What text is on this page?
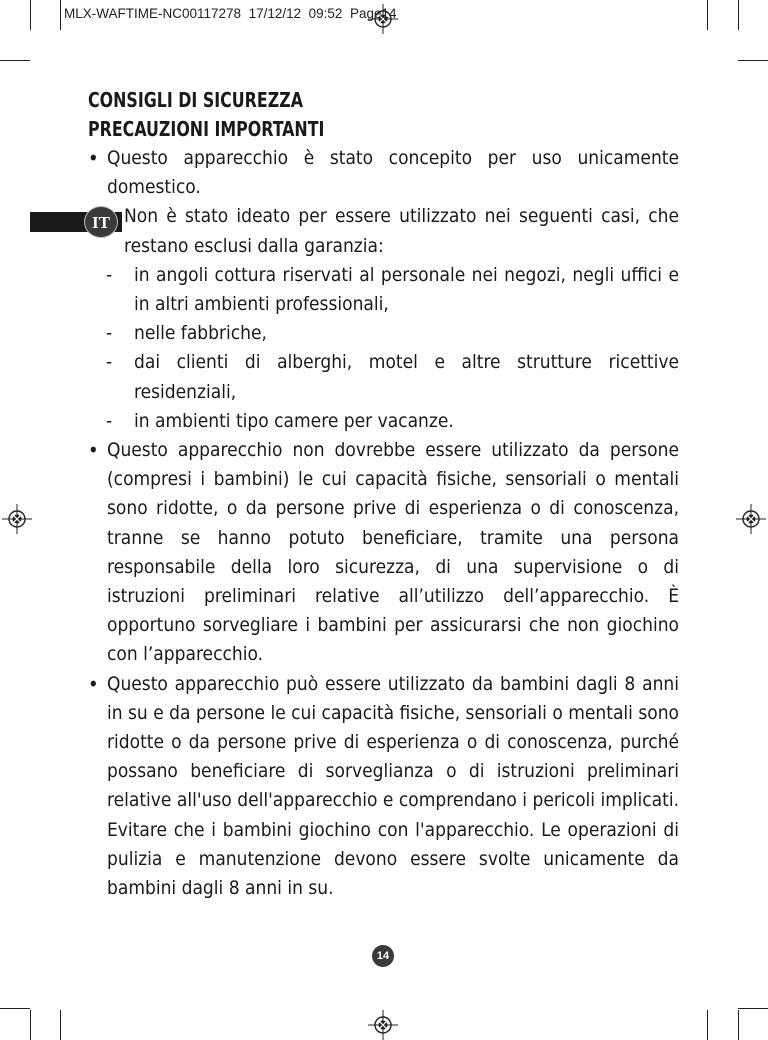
MLX-WAFTIME-NC00117278 17/12/12 09:52 Page14
IT
CONSIGLI DI SICUREZZA
PRECAUZIONI IMPORTANTI
• Questo apparecchio è stato concepito per uso unicamente domestico.
Non è stato ideato per essere utilizzato nei seguenti casi, che restano esclusi dalla garanzia:
-	in angoli cottura riservati al personale nei negozi, negli uffici e in altri ambienti professionali,
-	nelle fabbriche,
-	dai clienti di alberghi, motel e altre strutture ricettive residenziali,
-	in ambienti tipo camere per vacanze.
• Questo apparecchio non dovrebbe essere utilizzato da persone (compresi i bambini) le cui capacità fisiche, sensoriali o mentali sono ridotte, o da persone prive di esperienza o di conoscenza, tranne se hanno potuto beneficiare, tramite una persona responsabile della loro sicurezza, di una supervisione o di istruzioni preliminari relative all’utilizzo dell’apparecchio. È opportuno sorvegliare i bambini per assicurarsi che non giochino con l’apparecchio.
• Questo apparecchio può essere utilizzato da bambini dagli 8 anni in su e da persone le cui capacità fisiche, sensoriali o mentali sono ridotte o da persone prive di esperienza o di conoscenza, purché possano beneficiare di sorveglianza o di istruzioni preliminari relative all'uso dell'apparecchio e comprendano i pericoli implicati. Evitare che i bambini giochino con l'apparecchio. Le operazioni di pulizia e manutenzione devono essere svolte unicamente da bambini dagli 8 anni in su.
14
